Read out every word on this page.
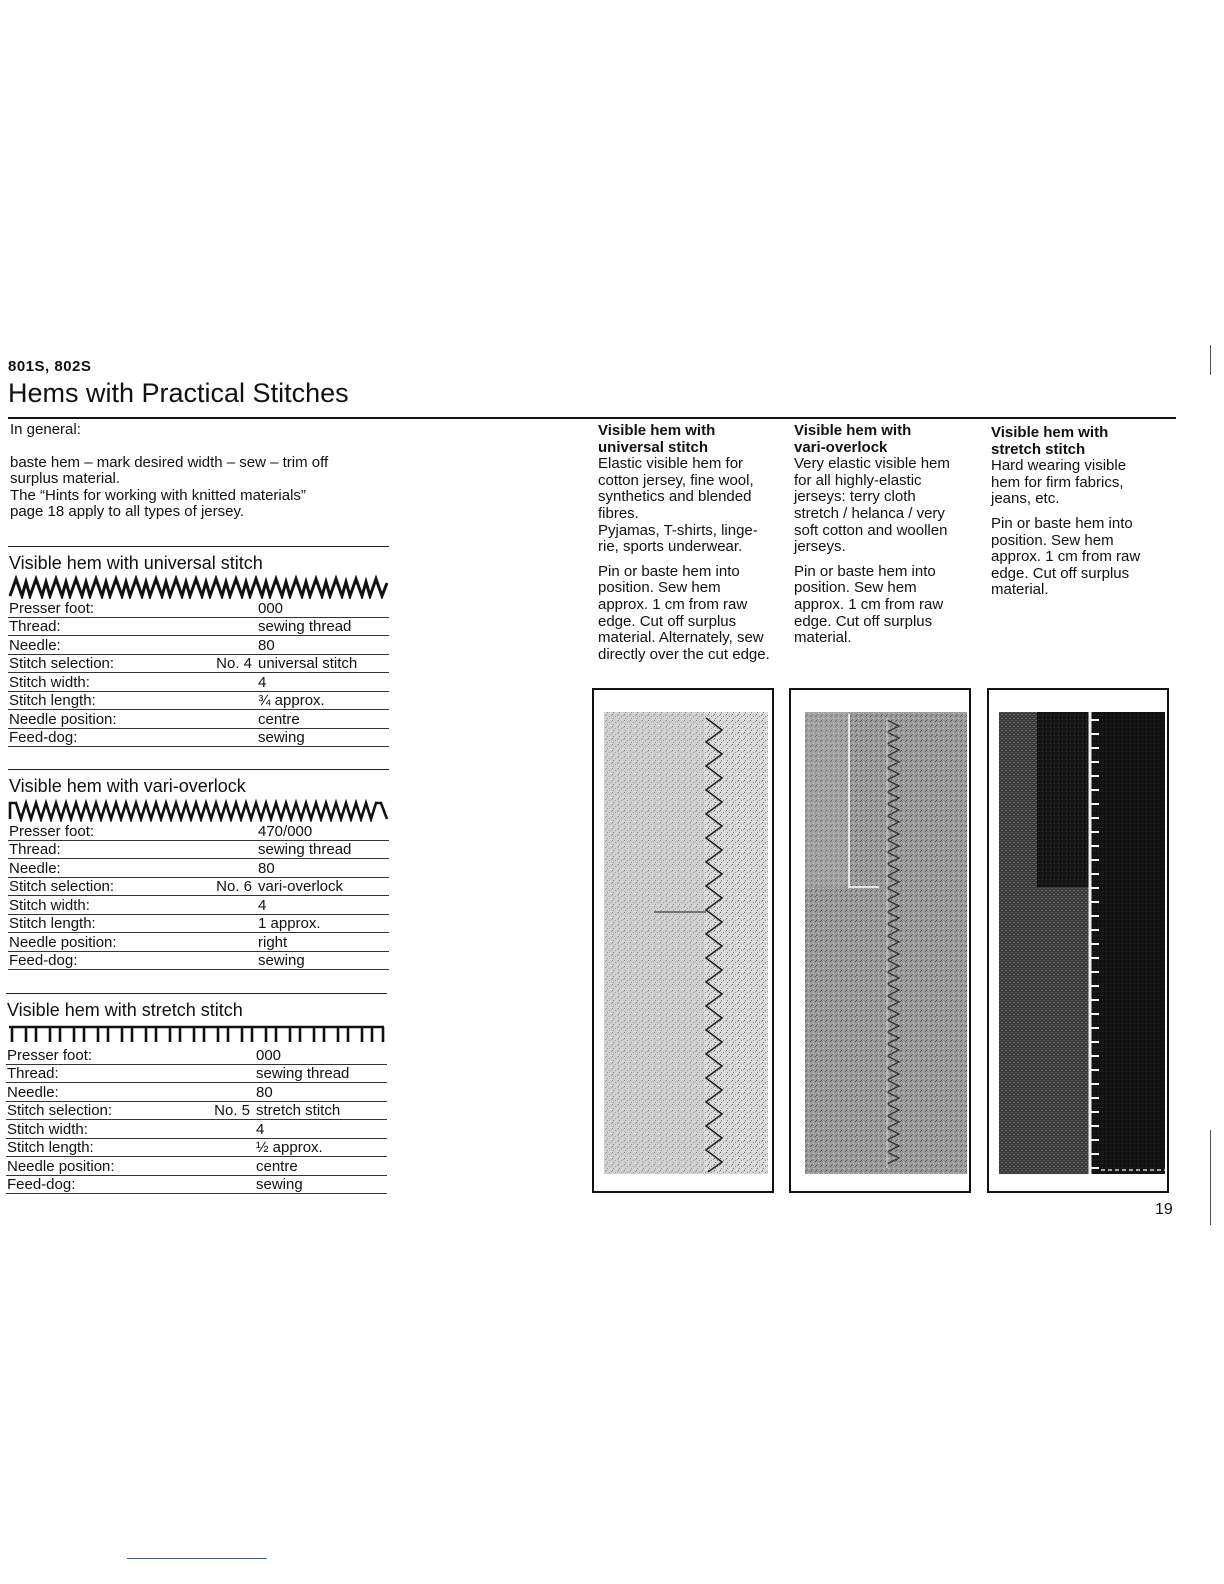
801S, 802S
Hems with Practical Stitches

In general:

baste hem – mark desired width – sew – trim off

surplus material.

The “Hints for working with knitted materials”

page 18 apply to all types of jersey.

Visible hem with universal stitch
Presser foot:		000
Thread:		sewing thread
Needle:		80
Stitch selection:	No. 4	universal stitch
Stitch width:		4
Stitch length:		¾ approx.
Needle position:		centre
Feed-dog:		sewing
Visible hem with vari-overlock
Presser foot:		470/000
Thread:		sewing thread
Needle:		80
Stitch selection:	No. 6	vari-overlock
Stitch width:		4
Stitch length:		1 approx.
Needle position:		right
Feed-dog:		sewing
Visible hem with stretch stitch
Presser foot:		000
Thread:		sewing thread
Needle:		80
Stitch selection:	No. 5	stretch stitch
Stitch width:		4
Stitch length:		½ approx.
Needle position:		centre
Feed-dog:		sewing
Visible hem with
universal stitch

Elastic visible hem for

cotton jersey, fine wool,

synthetics and blended

fibres.

Pyjamas, T-shirts, linge-

rie, sports underwear.

Pin or baste hem into

position. Sew hem

approx. 1 cm from raw

edge. Cut off surplus

material. Alternately, sew

directly over the cut edge.

Visible hem with
vari-overlock

Very elastic visible hem

for all highly-elastic

jerseys: terry cloth

stretch / helanca / very

soft cotton and woollen

jerseys.

Pin or baste hem into

position. Sew hem

approx. 1 cm from raw

edge. Cut off surplus

material.

Visible hem with
stretch stitch

Hard wearing visible

hem for firm fabrics,

jeans, etc.

Pin or baste hem into

position. Sew hem

approx. 1 cm from raw

edge. Cut off surplus

material.

19
